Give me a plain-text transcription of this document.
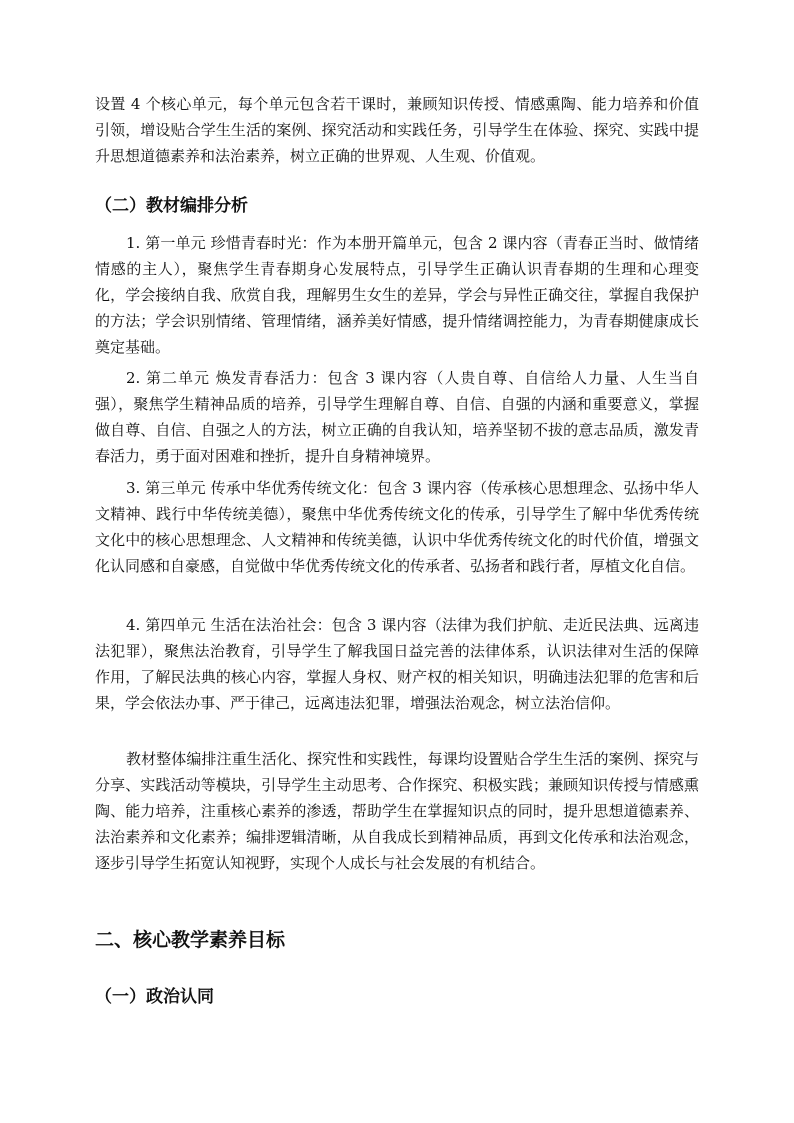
设置 4 个核心单元，每个单元包含若干课时，兼顾知识传授、情感熏陶、能力培养和价值引领，增设贴合学生生活的案例、探究活动和实践任务，引导学生在体验、探究、实践中提升思想道德素养和法治素养，树立正确的世界观、人生观、价值观。

（二）教材编排分析

1. 第一单元 珍惜青春时光：作为本册开篇单元，包含 2 课内容（青春正当时、做情绪情感的主人），聚焦学生青春期身心发展特点，引导学生正确认识青春期的生理和心理变化，学会接纳自我、欣赏自我，理解男生女生的差异，学会与异性正确交往，掌握自我保护的方法；学会识别情绪、管理情绪，涵养美好情感，提升情绪调控能力，为青春期健康成长奠定基础。

2. 第二单元 焕发青春活力：包含 3 课内容（人贵自尊、自信给人力量、人生当自强），聚焦学生精神品质的培养，引导学生理解自尊、自信、自强的内涵和重要意义，掌握做自尊、自信、自强之人的方法，树立正确的自我认知，培养坚韧不拔的意志品质，激发青春活力，勇于面对困难和挫折，提升自身精神境界。

3. 第三单元 传承中华优秀传统文化：包含 3 课内容（传承核心思想理念、弘扬中华人文精神、践行中华传统美德），聚焦中华优秀传统文化的传承，引导学生了解中华优秀传统文化中的核心思想理念、人文精神和传统美德，认识中华优秀传统文化的时代价值，增强文化认同感和自豪感，自觉做中华优秀传统文化的传承者、弘扬者和践行者，厚植文化自信。

4. 第四单元 生活在法治社会：包含 3 课内容（法律为我们护航、走近民法典、远离违法犯罪），聚焦法治教育，引导学生了解我国日益完善的法律体系，认识法律对生活的保障作用，了解民法典的核心内容，掌握人身权、财产权的相关知识，明确违法犯罪的危害和后果，学会依法办事、严于律己，远离违法犯罪，增强法治观念，树立法治信仰。

教材整体编排注重生活化、探究性和实践性，每课均设置贴合学生生活的案例、探究与分享、实践活动等模块，引导学生主动思考、合作探究、积极实践；兼顾知识传授与情感熏陶、能力培养，注重核心素养的渗透，帮助学生在掌握知识点的同时，提升思想道德素养、法治素养和文化素养；编排逻辑清晰，从自我成长到精神品质，再到文化传承和法治观念，逐步引导学生拓宽认知视野，实现个人成长与社会发展的有机结合。

二、核心教学素养目标
（一）政治认同
